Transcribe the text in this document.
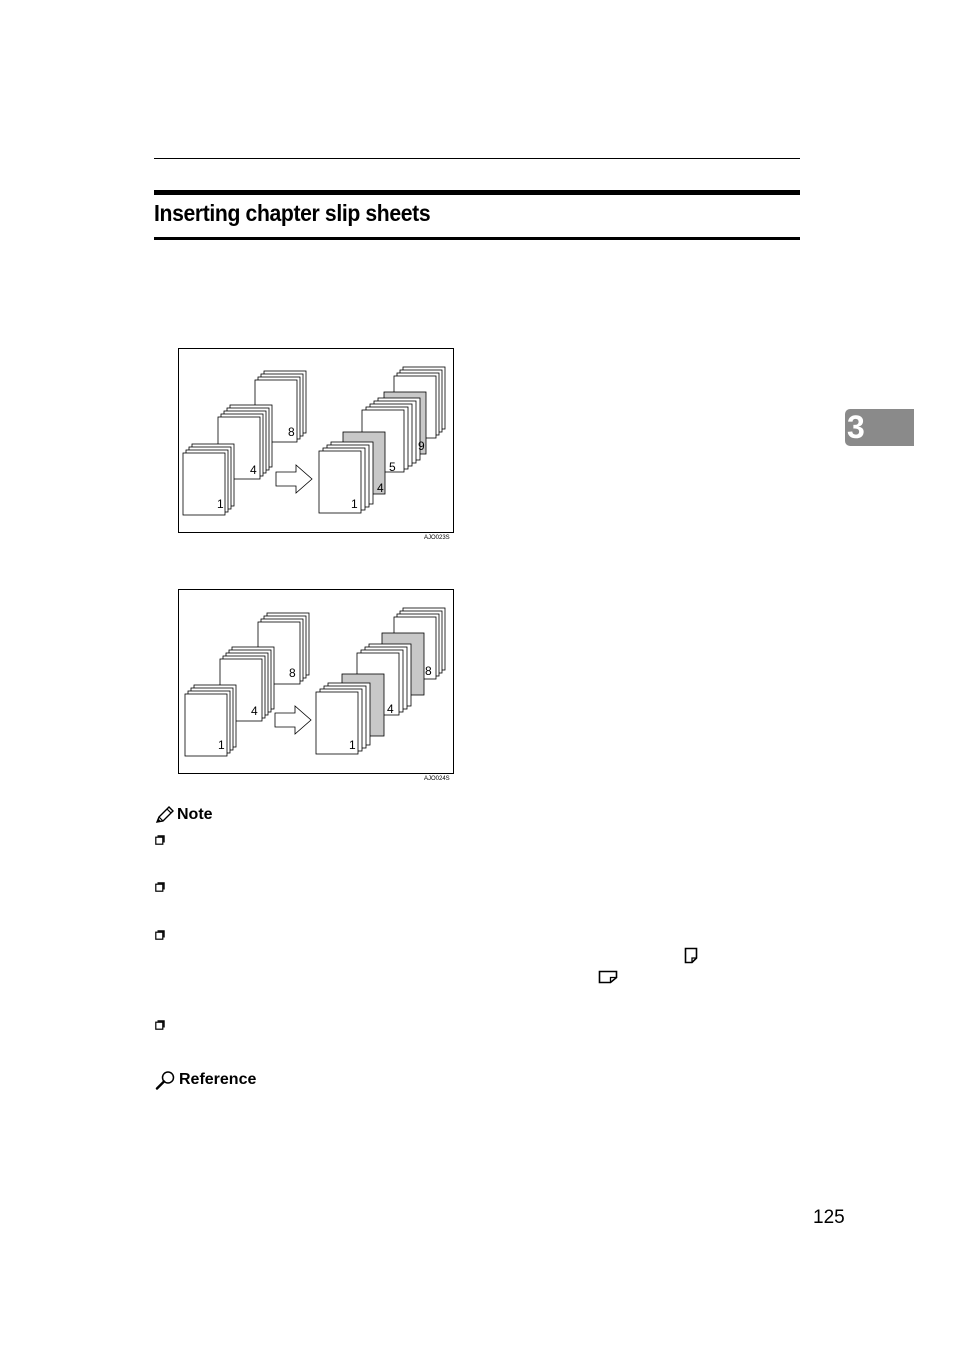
Inserting chapter slip sheets
3
1
4
8
1
4
5
9
AJO023S
1
4
8
1
4
8
AJO024S
Note
Reference
125
